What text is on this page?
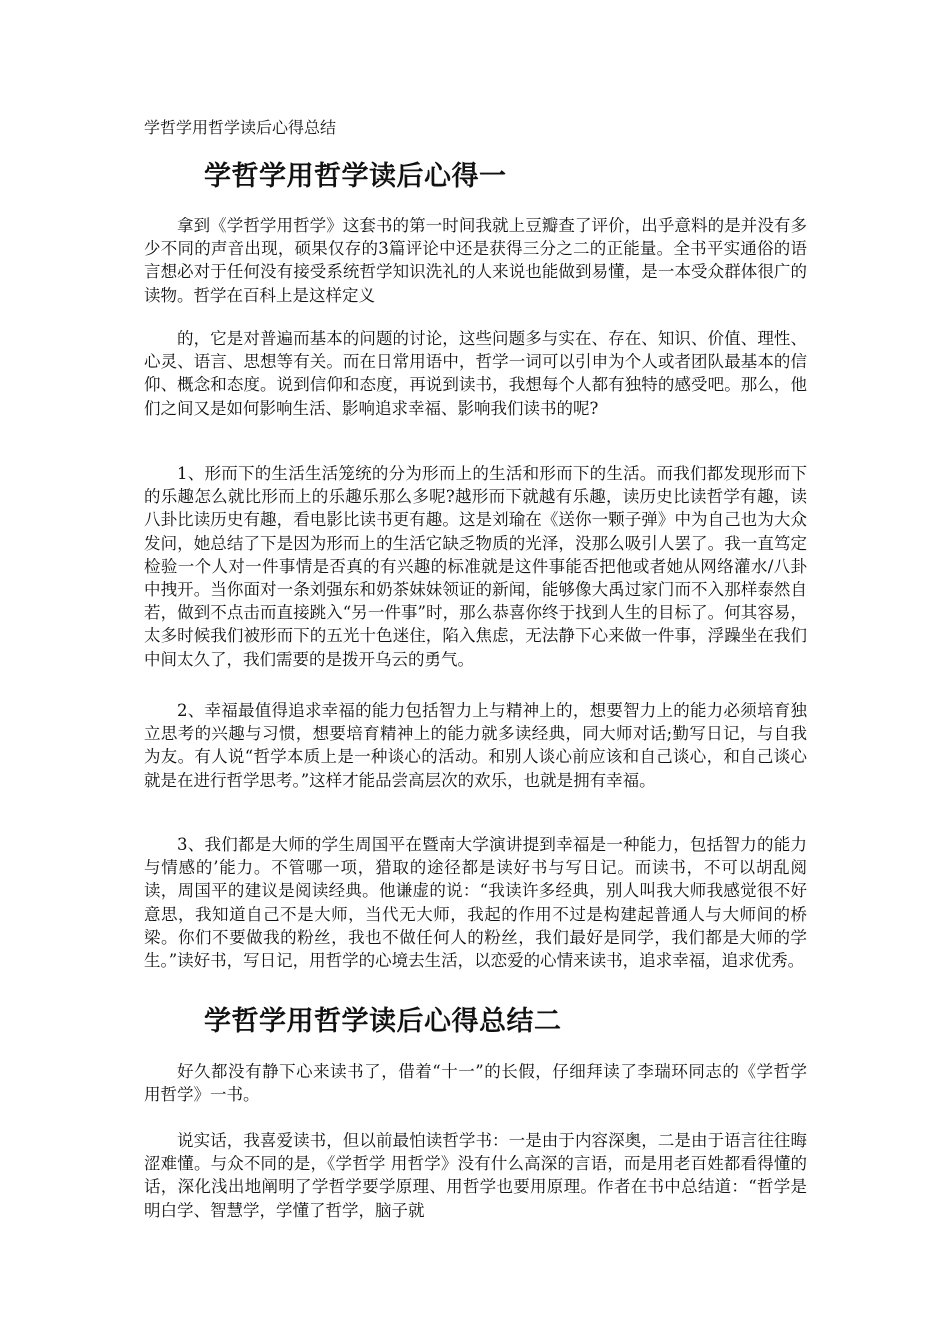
学哲学用哲学读后心得总结
学哲学用哲学读后心得一

拿到《学哲学用哲学》这套书的第一时间我就上豆瓣查了评价，出乎意料的是并没有多少不同的声音出现，硕果仅存的3篇评论中还是获得三分之二的正能量。全书平实通俗的语言想必对于任何没有接受系统哲学知识洗礼的人来说也能做到易懂，是一本受众群体很广的读物。哲学在百科上是这样定义

的，它是对普遍而基本的问题的讨论，这些问题多与实在、存在、知识、价值、理性、心灵、语言、思想等有关。而在日常用语中，哲学一词可以引申为个人或者团队最基本的信仰、概念和态度。说到信仰和态度，再说到读书，我想每个人都有独特的感受吧。那么，他们之间又是如何影响生活、影响追求幸福、影响我们读书的呢?

1、形而下的生活生活笼统的分为形而上的生活和形而下的生活。而我们都发现形而下的乐趣怎么就比形而上的乐趣乐那么多呢?越形而下就越有乐趣，读历史比读哲学有趣，读八卦比读历史有趣，看电影比读书更有趣。这是刘瑜在《送你一颗子弹》中为自己也为大众发问，她总结了下是因为形而上的生活它缺乏物质的光泽，没那么吸引人罢了。我一直笃定检验一个人对一件事情是否真的有兴趣的标准就是这件事能否把他或者她从网络灌水/八卦中拽开。当你面对一条刘强东和奶茶妹妹领证的新闻，能够像大禹过家门而不入那样泰然自若，做到不点击而直接跳入“另一件事”时，那么恭喜你终于找到人生的目标了。何其容易，太多时候我们被形而下的五光十色迷住，陷入焦虑，无法静下心来做一件事，浮躁坐在我们中间太久了，我们需要的是拨开乌云的勇气。

2、幸福最值得追求幸福的能力包括智力上与精神上的，想要智力上的能力必须培育独立思考的兴趣与习惯，想要培育精神上的能力就多读经典，同大师对话;勤写日记，与自我为友。有人说“哲学本质上是一种谈心的活动。和别人谈心前应该和自己谈心，和自己谈心就是在进行哲学思考。”这样才能品尝高层次的欢乐，也就是拥有幸福。

3、我们都是大师的学生周国平在暨南大学演讲提到幸福是一种能力，包括智力的能力与情感的’能力。不管哪一项，猎取的途径都是读好书与写日记。而读书，不可以胡乱阅读，周国平的建议是阅读经典。他谦虚的说：“我读许多经典，别人叫我大师我感觉很不好意思，我知道自己不是大师，当代无大师，我起的作用不过是构建起普通人与大师间的桥梁。你们不要做我的粉丝，我也不做任何人的粉丝，我们最好是同学，我们都是大师的学生。”读好书，写日记，用哲学的心境去生活，以恋爱的心情来读书，追求幸福，追求优秀。

学哲学用哲学读后心得总结二

好久都没有静下心来读书了，借着“十一”的长假，仔细拜读了李瑞环同志的《学哲学 用哲学》一书。

说实话，我喜爱读书，但以前最怕读哲学书：一是由于内容深奥，二是由于语言往往晦涩难懂。与众不同的是，《学哲学 用哲学》没有什么高深的言语，而是用老百姓都看得懂的话，深化浅出地阐明了学哲学要学原理、用哲学也要用原理。作者在书中总结道：“哲学是明白学、智慧学，学懂了哲学，脑子就
